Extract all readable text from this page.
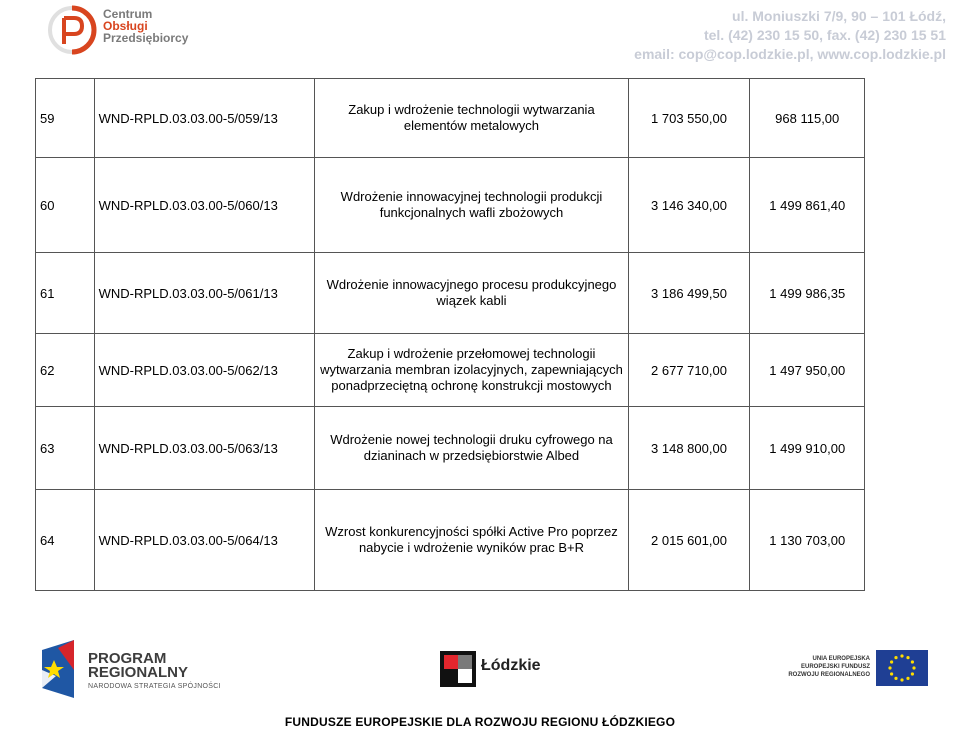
Centrum
Obsługi
Przedsiębiorcy
ul. Moniuszki 7/9, 90 – 101 Łódź,
tel. (42) 230 15 50, fax. (42) 230 15 51
email: cop@cop.lodzkie.pl, www.cop.lodzkie.pl
59	WND-RPLD.03.03.00-5/059/13	Zakup i wdrożenie technologii wytwarzania elementów metalowych	1 703 550,00	968 115,00
60	WND-RPLD.03.03.00-5/060/13	Wdrożenie innowacyjnej technologii produkcji funkcjonalnych wafli zbożowych	3 146 340,00	1 499 861,40
61	WND-RPLD.03.03.00-5/061/13	Wdrożenie innowacyjnego procesu produkcyjnego wiązek kabli	3 186 499,50	1 499 986,35
62	WND-RPLD.03.03.00-5/062/13	Zakup i wdrożenie przełomowej technologii wytwarzania membran izolacyjnych, zapewniających ponadprzeciętną ochronę konstrukcji mostowych	2 677 710,00	1 497 950,00
63	WND-RPLD.03.03.00-5/063/13	Wdrożenie nowej technologii druku cyfrowego na dzianinach w przedsiębiorstwie Albed	3 148 800,00	1 499 910,00
64	WND-RPLD.03.03.00-5/064/13	Wzrost konkurencyjności spółki Active Pro poprzez nabycie i wdrożenie wyników prac B+R	2 015 601,00	1 130 703,00
PROGRAM
REGIONALNY
NARODOWA STRATEGIA SPÓJNOŚCI
Łódzkie	UNIA EUROPEJSKA
EUROPEJSKI FUNDUSZ
ROZWOJU REGIONALNEGO
FUNDUSZE EUROPEJSKIE DLA ROZWOJU REGIONU ŁÓDZKIEGO
